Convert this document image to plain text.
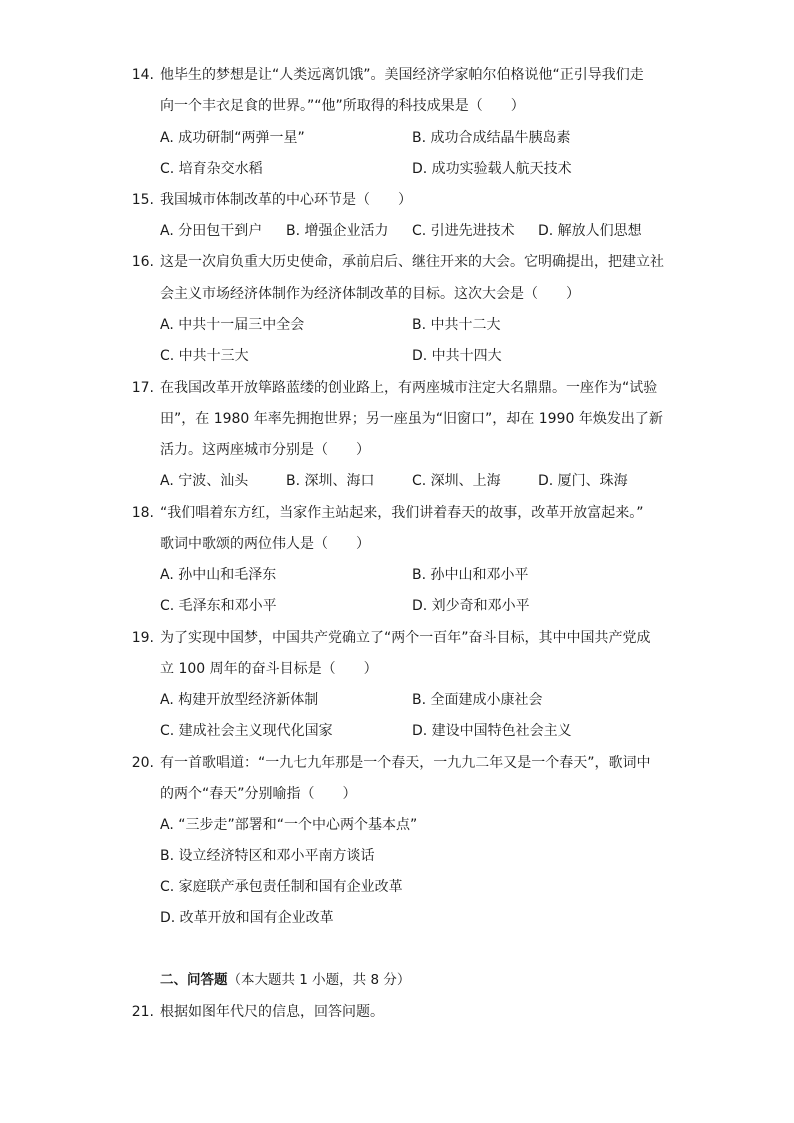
14. 他毕生的梦想是让“人类远离饥饿”。美国经济学家帕尔伯格说他“正引导我们走
向一个丰衣足食的世界。”“他”所取得的科技成果是（　　）
A. 成功研制“两弹一星”	B. 成功合成结晶牛胰岛素
C. 培育杂交水稻	D. 成功实验载人航天技术
15. 我国城市体制改革的中心环节是（　　）
A. 分田包干到户 B. 增强企业活力 C. 引进先进技术 D. 解放人们思想
16. 这是一次肩负重大历史使命，承前启后、继往开来的大会。它明确提出，把建立社
会主义市场经济体制作为经济体制改革的目标。这次大会是（　　）
A. 中共十一届三中全会	B. 中共十二大
C. 中共十三大	D. 中共十四大
17. 在我国改革开放筚路蓝缕的创业路上，有两座城市注定大名鼎鼎。一座作为“试验
田”，在 1980 年率先拥抱世界；另一座虽为“旧窗口”，却在 1990 年焕发出了新
活力。这两座城市分别是（　　）
A. 宁波、汕头	B. 深圳、海口	C. 深圳、上海	D. 厦门、珠海
18. “我们唱着东方红，当家作主站起来，我们讲着春天的故事，改革开放富起来。”
歌词中歌颂的两位伟人是（　　）
A. 孙中山和毛泽东	B. 孙中山和邓小平
C. 毛泽东和邓小平	D. 刘少奇和邓小平
19. 为了实现中国梦，中国共产党确立了“两个一百年”奋斗目标，其中中国共产党成
立 100 周年的奋斗目标是（　　）
A. 构建开放型经济新体制	B. 全面建成小康社会
C. 建成社会主义现代化国家	D. 建设中国特色社会主义
20. 有一首歌唱道：“一九七九年那是一个春天，一九九二年又是一个春天”，歌词中
的两个“春天”分别喻指（　　）
A. “三步走”部署和“一个中心两个基本点”
B. 设立经济特区和邓小平南方谈话
C. 家庭联产承包责任制和国有企业改革
D. 改革开放和国有企业改革
二、问答题（本大题共 1 小题，共 8 分）
21. 根据如图年代尺的信息，回答问题。
